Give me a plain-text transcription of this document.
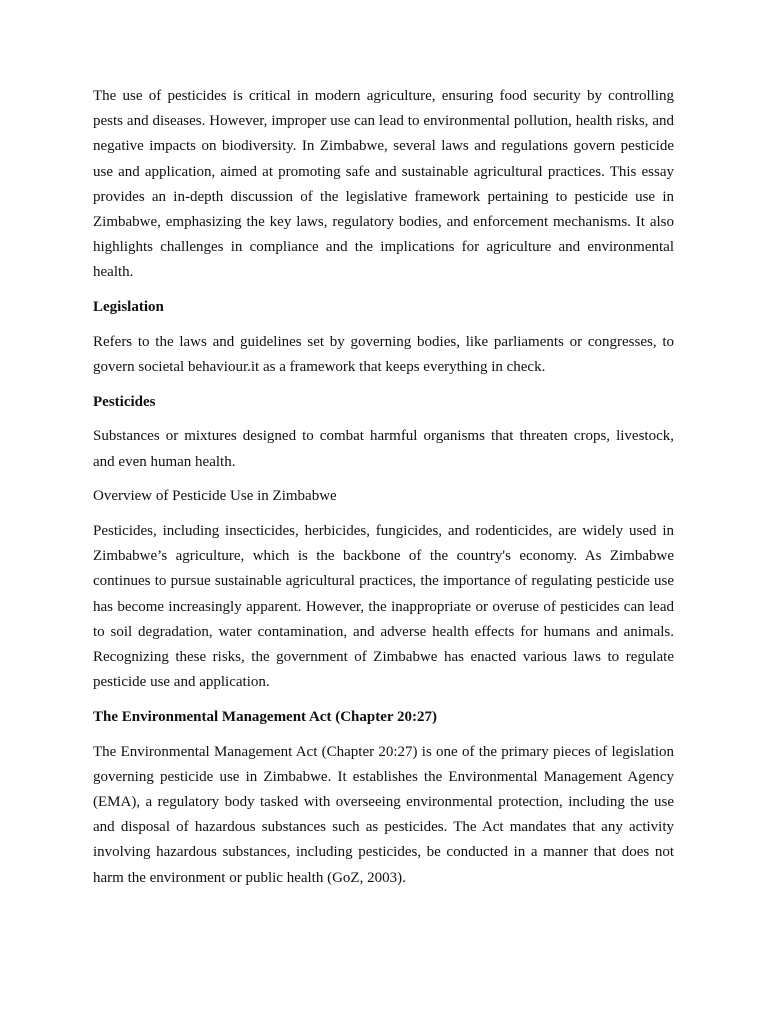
The use of pesticides is critical in modern agriculture, ensuring food security by controlling pests and diseases. However, improper use can lead to environmental pollution, health risks, and negative impacts on biodiversity. In Zimbabwe, several laws and regulations govern pesticide use and application, aimed at promoting safe and sustainable agricultural practices. This essay provides an in-depth discussion of the legislative framework pertaining to pesticide use in Zimbabwe, emphasizing the key laws, regulatory bodies, and enforcement mechanisms. It also highlights challenges in compliance and the implications for agriculture and environmental health.

Legislation

Refers to the laws and guidelines set by governing bodies, like parliaments or congresses, to govern societal behaviour.it as a framework that keeps everything in check.

Pesticides

Substances or mixtures designed to combat harmful organisms that threaten crops, livestock, and even human health.

Overview of Pesticide Use in Zimbabwe

Pesticides, including insecticides, herbicides, fungicides, and rodenticides, are widely used in Zimbabwe’s agriculture, which is the backbone of the country's economy. As Zimbabwe continues to pursue sustainable agricultural practices, the importance of regulating pesticide use has become increasingly apparent. However, the inappropriate or overuse of pesticides can lead to soil degradation, water contamination, and adverse health effects for humans and animals. Recognizing these risks, the government of Zimbabwe has enacted various laws to regulate pesticide use and application.

The Environmental Management Act (Chapter 20:27)

The Environmental Management Act (Chapter 20:27) is one of the primary pieces of legislation governing pesticide use in Zimbabwe. It establishes the Environmental Management Agency (EMA), a regulatory body tasked with overseeing environmental protection, including the use and disposal of hazardous substances such as pesticides. The Act mandates that any activity involving hazardous substances, including pesticides, be conducted in a manner that does not harm the environment or public health (GoZ, 2003).
